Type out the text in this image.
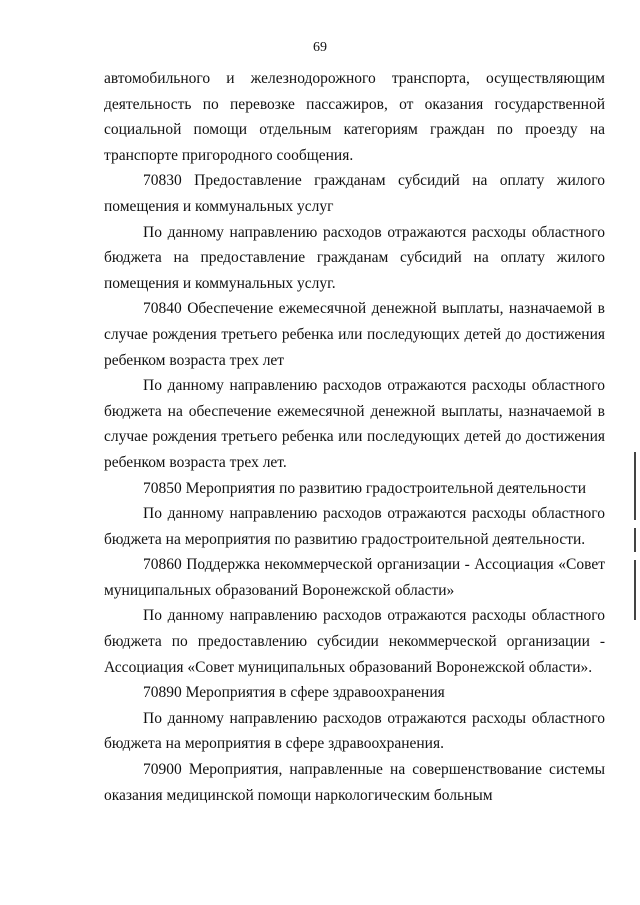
69

автомобильного и железнодорожного транспорта, осуществляющим деятельность по перевозке пассажиров, от оказания государственной социальной помощи отдельным категориям граждан по проезду на транспорте пригородного сообщения.

70830 Предоставление гражданам субсидий на оплату жилого помещения и коммунальных услуг

По данному направлению расходов отражаются расходы областного бюджета на предоставление гражданам субсидий на оплату жилого помещения и коммунальных услуг.

70840 Обеспечение ежемесячной денежной выплаты, назначаемой в случае рождения третьего ребенка или последующих детей до достижения ребенком возраста трех лет

По данному направлению расходов отражаются расходы областного бюджета на обеспечение ежемесячной денежной выплаты, назначаемой в случае рождения третьего ребенка или последующих детей до достижения ребенком возраста трех лет.

70850 Мероприятия по развитию градостроительной деятельности

По данному направлению расходов отражаются расходы областного бюджета на мероприятия по развитию градостроительной деятельности.

70860 Поддержка некоммерческой организации - Ассоциация «Совет муниципальных образований Воронежской области»

По данному направлению расходов отражаются расходы областного бюджета по предоставлению субсидии некоммерческой организации - Ассоциация «Совет муниципальных образований Воронежской области».

70890 Мероприятия в сфере здравоохранения

По данному направлению расходов отражаются расходы областного бюджета на мероприятия в сфере здравоохранения.

70900 Мероприятия, направленные на совершенствование системы оказания медицинской помощи наркологическим больным
